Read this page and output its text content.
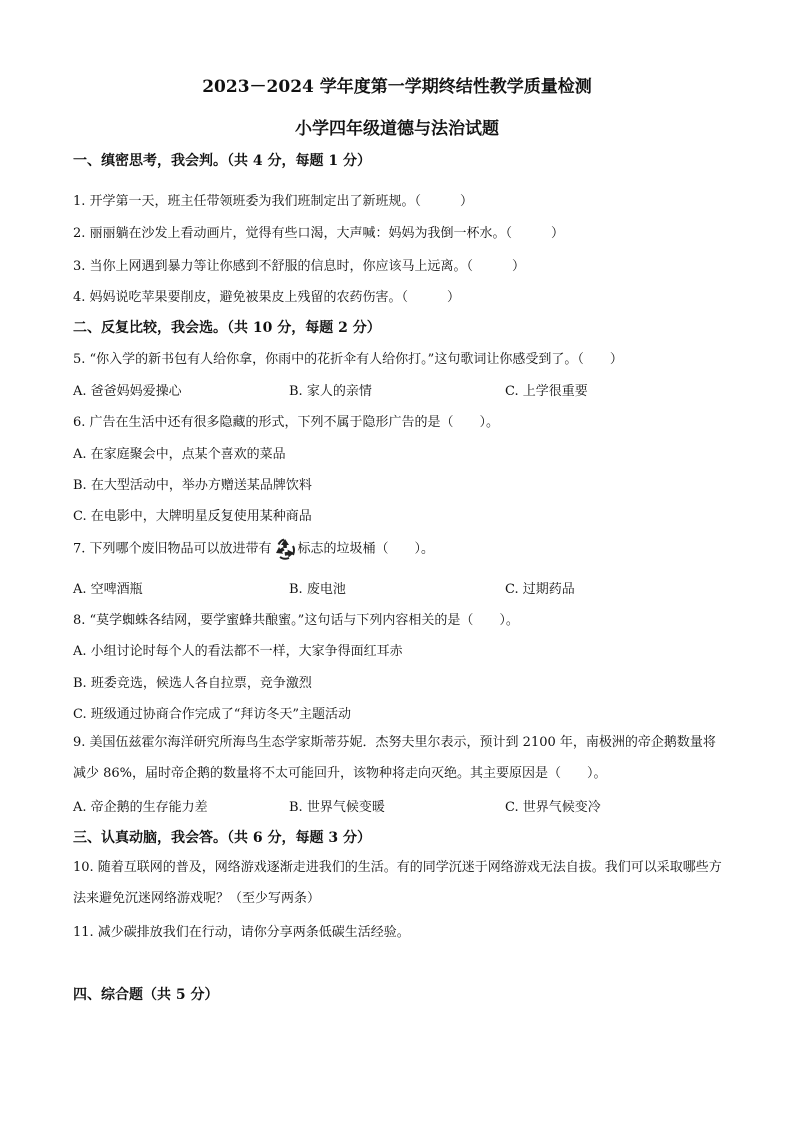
2023－2024 学年度第一学期终结性教学质量检测
小学四年级道德与法治试题
一、缜密思考，我会判。（共 4 分，每题 1 分）
1. 开学第一天，班主任带领班委为我们班制定出了新班规。（　　　）
2. 丽丽躺在沙发上看动画片，觉得有些口渴，大声喊：妈妈为我倒一杯水。（　　　）
3. 当你上网遇到暴力等让你感到不舒服的信息时，你应该马上远离。（　　　）
4. 妈妈说吃苹果要削皮，避免被果皮上残留的农药伤害。（　　　）
二、反复比较，我会选。（共 10 分，每题 2 分）
5. “你入学的新书包有人给你拿，你雨中的花折伞有人给你打。”这句歌词让你感受到了。（　　）
A. 爸爸妈妈爱操心	B. 家人的亲情	C. 上学很重要
6. 广告在生活中还有很多隐藏的形式，下列不属于隐形广告的是（　　）。
A. 在家庭聚会中，点某个喜欢的菜品
B. 在大型活动中，举办方赠送某品牌饮料
C. 在电影中，大牌明星反复使用某种商品
7. 下列哪个废旧物品可以放进带有 标志的垃圾桶（　　）。
A. 空啤酒瓶	B. 废电池	C. 过期药品
8. “莫学蜘蛛各结网，要学蜜蜂共酿蜜。”这句话与下列内容相关的是（　　）。
A. 小组讨论时每个人的看法都不一样，大家争得面红耳赤
B. 班委竞选，候选人各自拉票，竞争激烈
C. 班级通过协商合作完成了“拜访冬天”主题活动
9. 美国伍兹霍尔海洋研究所海鸟生态学家斯蒂芬妮．杰努夫里尔表示，预计到 2100 年，南极洲的帝企鹅数量将减少 86%，届时帝企鹅的数量将不太可能回升，该物种将走向灭绝。其主要原因是（　　）。
A. 帝企鹅的生存能力差	B. 世界气候变暖	C. 世界气候变冷
三、认真动脑，我会答。（共 6 分，每题 3 分）
10. 随着互联网的普及，网络游戏逐渐走进我们的生活。有的同学沉迷于网络游戏无法自拔。我们可以采取哪些方法来避免沉迷网络游戏呢？（至少写两条）
11. 减少碳排放我们在行动，请你分享两条低碳生活经验。
四、综合题（共 5 分）
